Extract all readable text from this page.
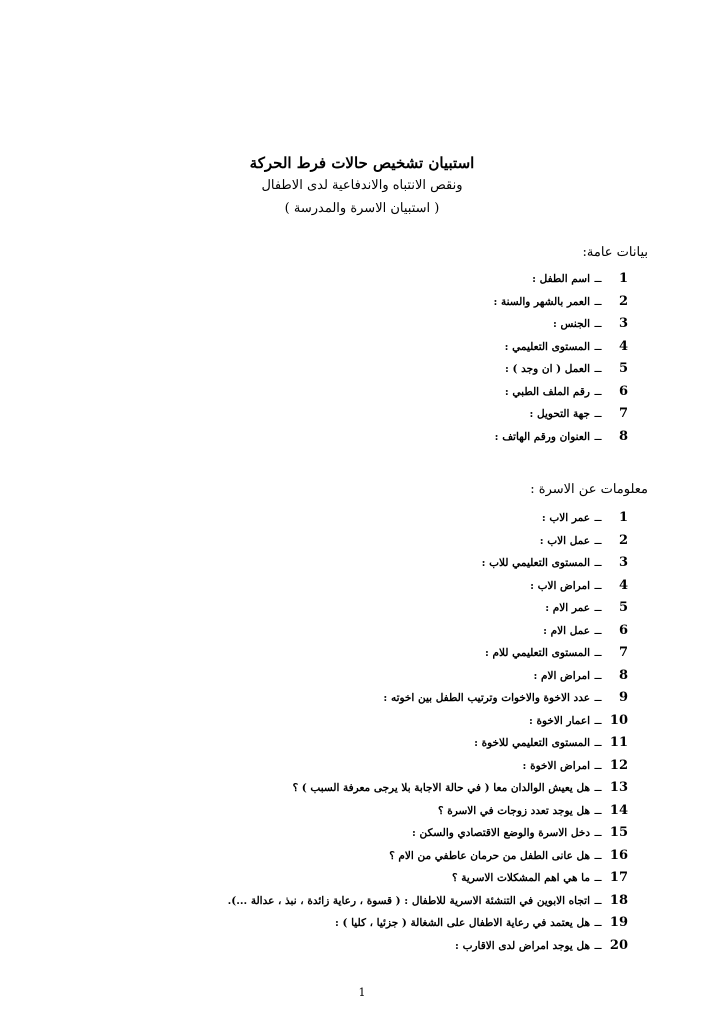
استبيان تشخيص حالات فرط الحركة
ونقص الانتباه والاندفاعية لدى الاطفال
( استبيان الاسرة والمدرسة )
بيانات عامة:
1ــاسم الطفل :
2ــالعمر بالشهر والسنة :
3ــالجنس :
4ــالمستوى التعليمي :
5ــالعمل ( ان وجد ) :
6ــرقم الملف الطبي :
7ــجهة التحويل :
8ــالعنوان ورقم الهاتف :
معلومات عن الاسرة :
1ــعمر الاب :
2ــعمل الاب :
3ــالمستوى التعليمي للاب :
4ــامراض الاب :
5ــعمر الام :
6ــعمل الام :
7ــالمستوى التعليمي للام :
8ــامراض الام :
9ــعدد الاخوة والاخوات وترتيب الطفل بين اخوته :
10ــاعمار الاخوة :
11ــالمستوى التعليمي للاخوة :
12ــامراض الاخوة :
13ــهل يعيش الوالدان معا ( في حالة الاجابة بلا يرجى معرفة السبب ) ؟
14ــهل يوجد تعدد زوجات في الاسرة ؟
15ــدخل الاسرة والوضع الاقتصادي والسكن :
16ــهل عانى الطفل من حرمان عاطفي من الام ؟
17ــما هي اهم المشكلات الاسرية ؟
18ــاتجاه الابوين في التنشئة الاسرية للاطفال : ( قسوة ، رعاية زائدة ، نبذ ، عدالة ...).
19ــهل يعتمد في رعاية الاطفال على الشغالة ( جزئيا ، كليا ) :
20ــهل يوجد امراض لدى الاقارب :
1
